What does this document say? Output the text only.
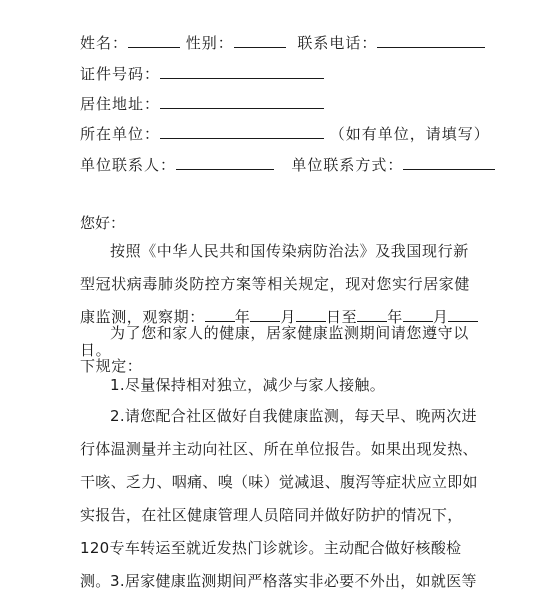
姓名：	性别：	联系电话：
证件号码：
居住地址：
所在单位：	（如有单位，请填写）
单位联系人：	单位联系方式：
您好：
按照《中华人民共和国传染病防治法》及我国现行新型冠状病毒肺炎防控方案等相关规定，现对您实行居家健康监测，观察期： 年 月 日至 年 月日。
为了您和家人的健康，居家健康监测期间请您遵守以下规定：
1.尽量保持相对独立，减少与家人接触。
2.请您配合社区做好自我健康监测，每天早、晚两次进行体温测量并主动向社区、所在单位报告。如果出现发热、干咳、乏力、咽痛、嗅（味）觉减退、腹泻等症状应立即如实报告，在社区健康管理人员陪同并做好防护的情况下，120专车转运至就近发热门诊就诊。主动配合做好核酸检测。 3.居家健康监测期间严格落实非必要不外出，如就医等
